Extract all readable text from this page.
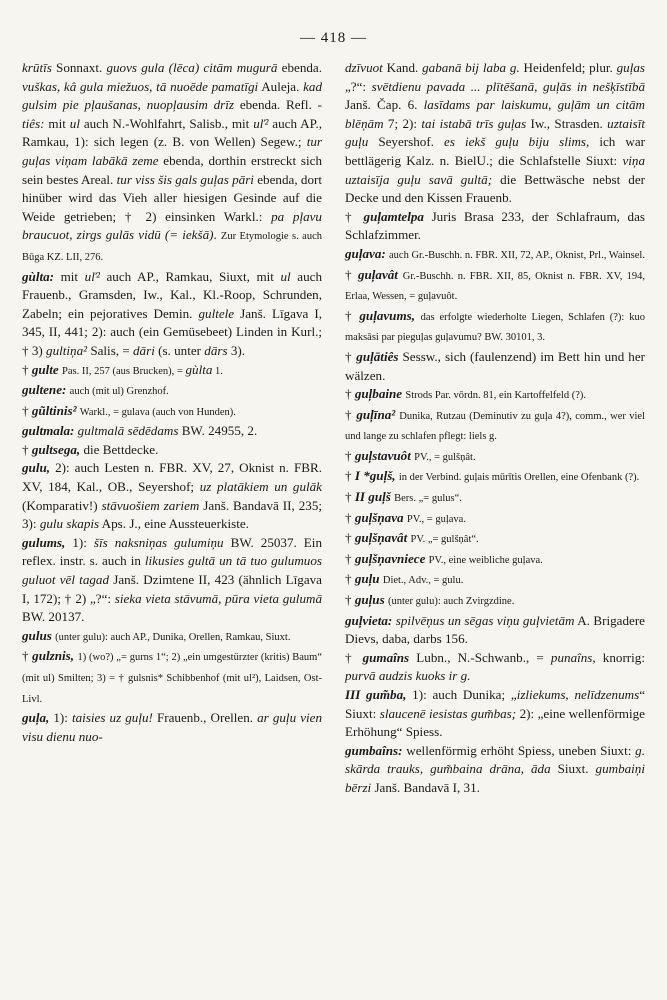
— 418 —

krūtīs Sonnaxt. guovs gula (lēca) citām mugurā ebenda. vuškas, kâ gula miežuos, tā nuoēde pamatīgi Auleja. kad gulsim pie pļaušanas, nuopļausim drīz ebenda. Refl. -tiês: mit ul auch N.-Wohlfahrt, Salisb., mit uľ² auch AP., Ramkau, 1): sich legen (z. B. von Wellen) Segew.; tur guļas viņam labākā zeme ebenda, dorthin erstreckt sich sein bestes Areal. tur viss šis gals guļas pāri ebenda, dort hinüber wird das Vieh aller hiesigen Gesinde auf die Weide getrieben; † 2) einsinken Warkl.: pa pļavu braucuot, zirgs gulās vidū (= iekšā). Zur Etymologie s. auch Būga KZ. LII, 276.

gùlta: mit uľ² auch AP., Ramkau, Siuxt, mit ul auch Frauenb., Gramsden, Iw., Kal., Kl.-Roop, Schrunden, Zabeln; ein pejoratives Demin. gultele Janš. Līgava I, 345, II, 441; 2): auch (ein Gemüsebeet) Linden in Kurl.; † 3) gultiņa² Salis, = dāri (s. unter dārs 3).

† gulte Pas. II, 257 (aus Brucken), = gùlta 1.

gultene: auch (mit ul) Grenzhof.

† gũltinis² Warkl., = gulava (auch von Hunden).

gultmala: gultmalā sēdēdams BW. 24955, 2.

† gultsega, die Bettdecke.

gulu, 2): auch Lesten n. FBR. XV, 27, Oknist n. FBR. XV, 184, Kal., OB., Seyershof; uz platākiem un gulāk (Komparativ!) stāvuošiem zariem Janš. Bandavā II, 235; 3): gulu skapis Aps. J., eine Aussteuerkiste.

gulums, 1): šīs naksniņas gulumiņu BW. 25037. Ein reflex. instr. s. auch in likusies gultā un tā tuo gulumuos guluot vēl tagad Janš. Dzimtene II, 423 (ähnlich Līgava I, 172); † 2) „?“: sieka vieta stāvumā, pūra vieta gulumā BW. 20137.

gulus (unter gulu): auch AP., Dunika, Orellen, Ramkau, Siuxt.

† gulznis, 1) (wo?) „= gurns 1“; 2) „ein umgestürzter (kritis) Baum“ (mit ul) Smilten; 3) = † gulsnis* Schibbenhof (mit ul²), Laidsen, Ost-Livl.

guļa, 1): taisies uz guļu! Frauenb., Orellen. ar guļu vien visu dienu nuo-

dzīvuot Kand. gabanā bij laba g. Heidenfeld; plur. guļas „?“: svētdienu pavada ... plītēšanā, guļās in nešķīstībā Janš. Čap. 6. lasīdams par laiskumu, guļām un citām blēņām 7; 2): tai istabā trīs guļas Iw., Strasden. uztaisīt guļu Seyershof. es iekš guļu biju slims, ich war bettlägerig Kalz. n. BielU.; die Schlafstelle Siuxt: viņa uztaisīja guļu savā gultā; die Bettwäsche nebst der Decke und den Kissen Frauenb.

† guļamtelpa Juris Brasa 233, der Schlafraum, das Schlafzimmer.

guļava: auch Gr.-Buschh. n. FBR. XII, 72, AP., Oknist, Prl., Wainsel.

† guļavât Gr.-Buschh. n. FBR. XII, 85, Oknist n. FBR. XV, 194, Erlaa, Wessen, = guļavuôt.

† guļavums, das erfolgte wiederholte Liegen, Schlafen (?): kuo maksāsi par pieguļas guļavumu? BW. 30101, 3.

† guļātiês Sessw., sich (faulenzend) im Bett hin und her wälzen.

† guļbaine Strods Par. vōrdn. 81, ein Kartoffelfeld (?).

† guļīna² Dunika, Rutzau (Deminutiv zu guļa 4?), comm., wer viel und lange zu schlafen pflegt: liels g.

† guļstavuôt PV., = gulšņât.

† I *guļš, in der Verbind. guļais mūrītis Orellen, eine Ofenbank (?).

† II guļš Bers. „= gulus“.

† guļšņava PV., = guļava.

† guļšņavât PV. „= gulšņât“.

† guļšņavniece PV., eine weibliche guļava.

† guļu Diet., Adv., = gulu.

† guļus (unter gulu): auch Zvirgzdine.

guļvieta: spilvēņus un sēgas viņu guļvietām A. Brigadere Dievs, daba, darbs 156.

† gumaîns Lubn., N.-Schwanb., = punaîns, knorrig: purvā audzis kuoks ir g.

III gum̃ba, 1): auch Dunika; „izliekums, nelīdzenums“ Siuxt: slaucenē iesistas gum̃bas; 2): „eine wellenförmige Erhöhung“ Spiess.

gumbaîns: wellenförmig erhöht Spiess, uneben Siuxt: g. skārda trauks, gum̃baina drāna, āda Siuxt. gumbaiņi bērzi Janš. Bandavā I, 31.
